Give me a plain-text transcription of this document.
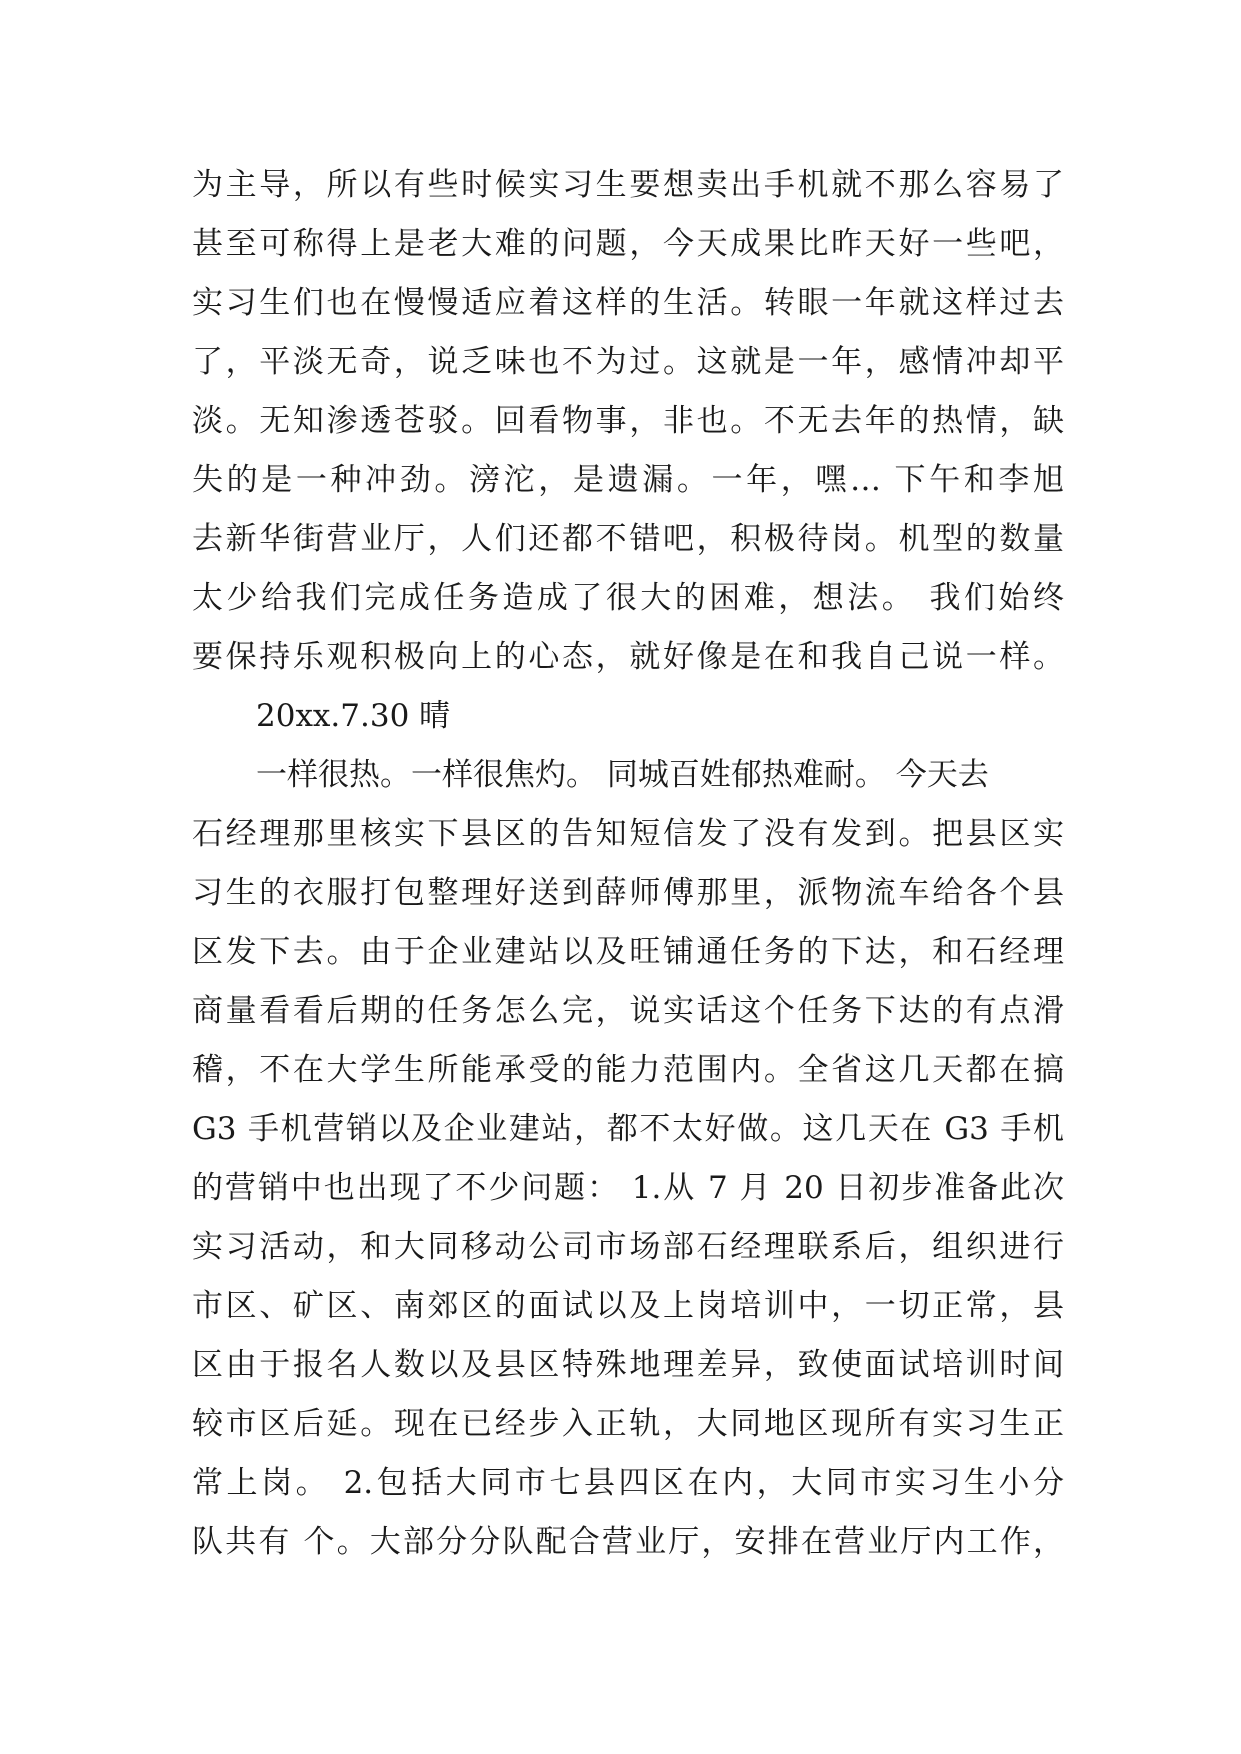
为主导，所以有些时候实习生要想卖出手机就不那么容易了
甚至可称得上是老大难的问题，今天成果比昨天好一些吧，
实习生们也在慢慢适应着这样的生活。转眼一年就这样过去
了，平淡无奇，说乏味也不为过。这就是一年，感情冲却平
淡。无知渗透苍驳。回看物事，非也。不无去年的热情，缺
失的是一种冲劲。滂沱，是遗漏。一年，嘿… 下午和李旭
去新华街营业厅，人们还都不错吧，积极待岗。机型的数量
太少给我们完成任务造成了很大的困难，想法。 我们始终
要保持乐观积极向上的心态，就好像是在和我自己说一样。
20xx.7.30 晴
一样很热。一样很焦灼。 同城百姓郁热难耐。 今天去
石经理那里核实下县区的告知短信发了没有发到。把县区实
习生的衣服打包整理好送到薛师傅那里，派物流车给各个县
区发下去。由于企业建站以及旺铺通任务的下达，和石经理
商量看看后期的任务怎么完，说实话这个任务下达的有点滑
稽，不在大学生所能承受的能力范围内。全省这几天都在搞
G3 手机营销以及企业建站，都不太好做。这几天在 G3 手机
的营销中也出现了不少问题： 1.从 7 月 20 日初步准备此次
实习活动，和大同移动公司市场部石经理联系后，组织进行
市区、矿区、南郊区的面试以及上岗培训中，一切正常，县
区由于报名人数以及县区特殊地理差异，致使面试培训时间
较市区后延。现在已经步入正轨，大同地区现所有实习生正
常上岗。 2.包括大同市七县四区在内，大同市实习生小分
队共有 个。大部分分队配合营业厅，安排在营业厅内工作，
